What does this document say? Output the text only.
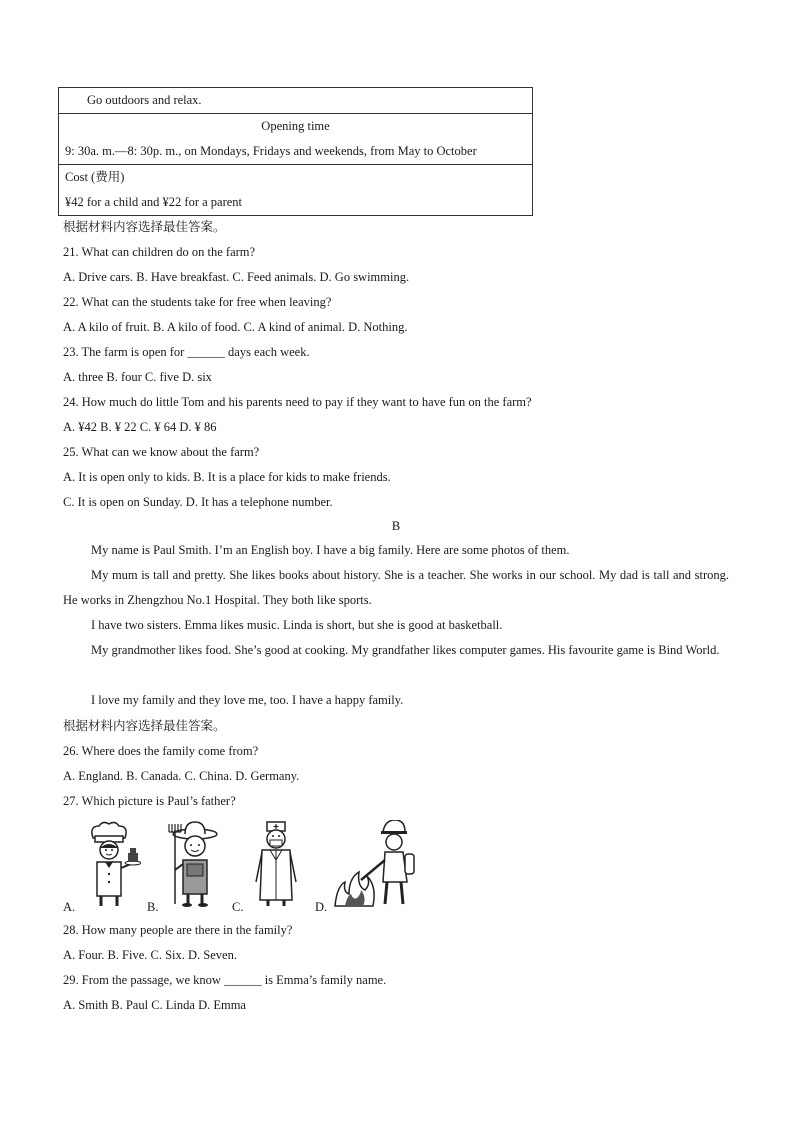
Go outdoors and relax.

Opening time
9: 30a. m.—8: 30p. m., on Mondays, Fridays and weekends, from May to October

Cost (费用)
¥42 for a child and ¥22 for a parent
根据材料内容选择最佳答案。
21. What can children do on the farm?
A. Drive cars. B. Have breakfast. C. Feed animals. D. Go swimming.
22. What can the students take for free when leaving?
A. A kilo of fruit. B. A kilo of food. C. A kind of animal. D. Nothing.
23. The farm is open for ______ days each week.
A. three B. four C. five D. six
24. How much do little Tom and his parents need to pay if they want to have fun on the farm?
A. ¥42 B. ¥ 22 C. ¥ 64 D. ¥ 86
25. What can we know about the farm?
A. It is open only to kids. B. It is a place for kids to make friends.
C. It is open on Sunday. D. It has a telephone number.
B
My name is Paul Smith. I’m an English boy. I have a big family. Here are some photos of them.
My mum is tall and pretty. She likes books about history. She is a teacher. She works in our school. My dad is tall and strong. He works in Zhengzhou No.1 Hospital. They both like sports.
I have two sisters. Emma likes music. Linda is short, but she is good at basketball.
My grandmother likes food. She’s good at cooking. My grandfather likes computer games. His favourite game is Bind World.
I love my family and they love me, too. I have a happy family.
根据材料内容选择最佳答案。
26. Where does the family come from?
A. England. B. Canada. C. China. D. Germany.
27. Which picture is Paul’s father?
A.	B.	C.	D.
28. How many people are there in the family?
A. Four. B. Five. C. Six. D. Seven.
29. From the passage, we know ______ is Emma’s family name.
A. Smith B. Paul C. Linda D. Emma
